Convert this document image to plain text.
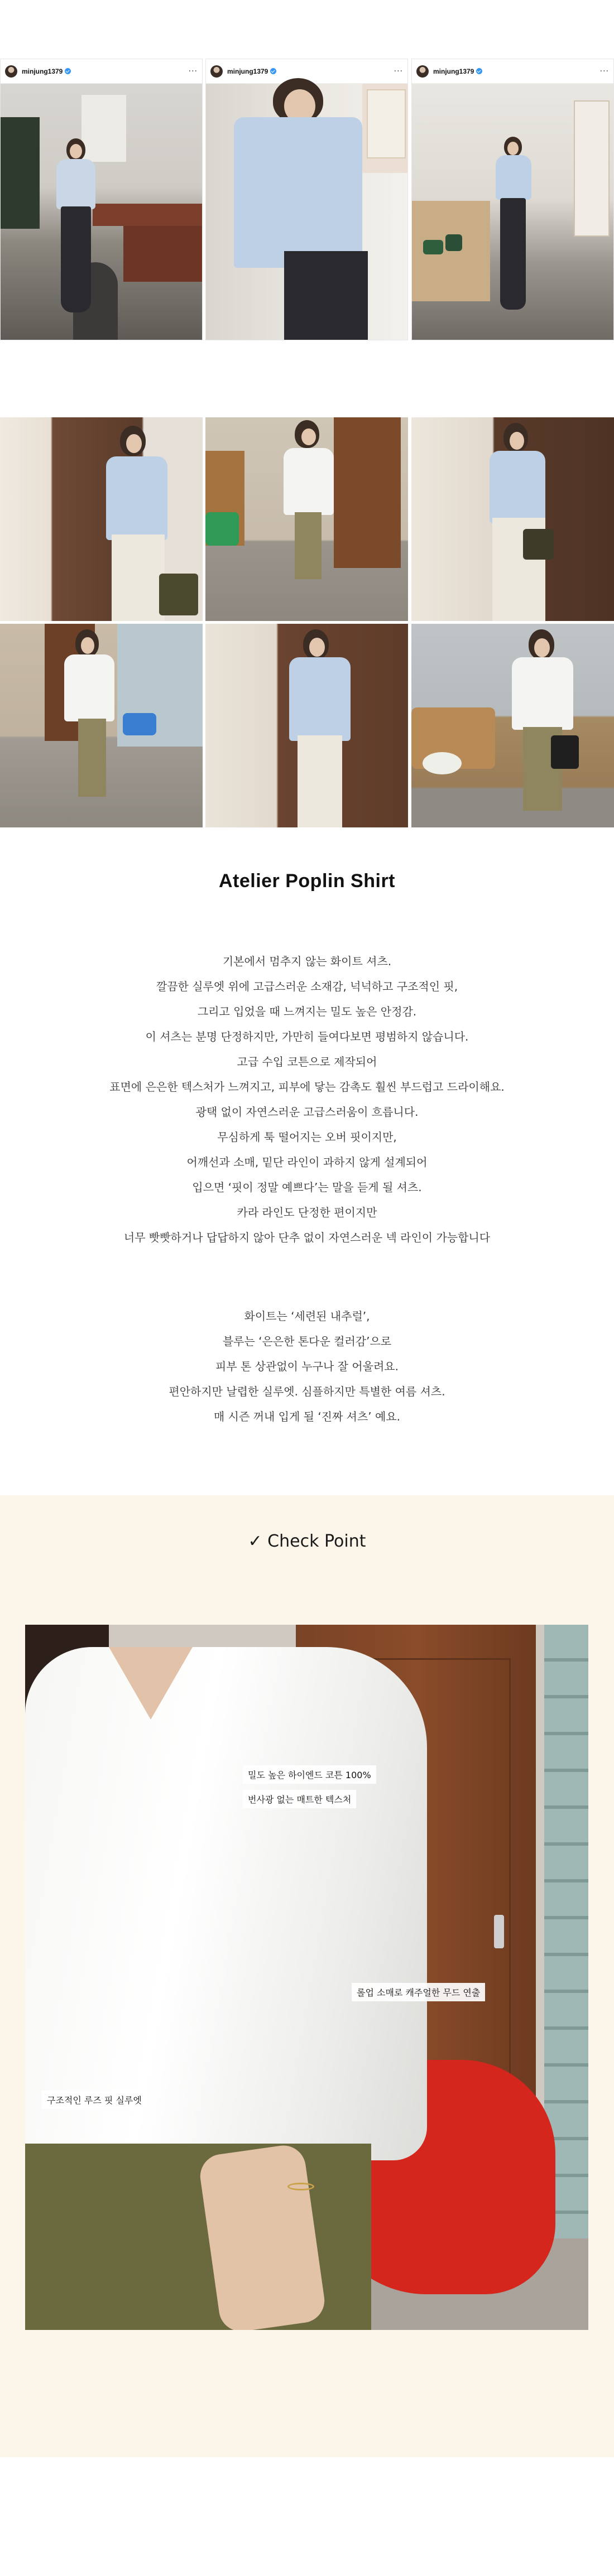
minjung1379	···	minjung1379	···	minjung1379	···
Atelier Poplin Shirt
기본에서 멈추지 않는 화이트 셔츠.
깔끔한 실루엣 위에 고급스러운 소재감, 넉넉하고 구조적인 핏,
그리고 입었을 때 느껴지는 밀도 높은 안정감.
이 셔츠는 분명 단정하지만, 가만히 들여다보면 평범하지 않습니다.
고급 수입 코튼으로 제작되어
표면에 은은한 텍스처가 느껴지고, 피부에 닿는 감촉도 훨씬 부드럽고 드라이해요.
광택 없이 자연스러운 고급스러움이 흐릅니다.
무심하게 툭 떨어지는 오버 핏이지만,
어깨선과 소매, 밑단 라인이 과하지 않게 설계되어
입으면 ‘핏이 정말 예쁘다’는 말을 듣게 될 셔츠.
카라 라인도 단정한 편이지만
너무 빳빳하거나 답답하지 않아 단추 없이 자연스러운 넥 라인이 가능합니다
화이트는 ‘세련된 내추럴’,
블루는 ‘은은한 톤다운 컬러감’으로
피부 톤 상관없이 누구나 잘 어울려요.
편안하지만 날렵한 실루엣. 심플하지만 특별한 여름 셔츠.
매 시즌 꺼내 입게 될 ‘진짜 셔츠’ 예요.
✓ Check Point
밀도 높은 하이엔드 코튼 100%
번사광 없는 매트한 텍스처
롤업 소매로 캐주얼한 무드 연출
구조적인 루즈 핏 실루엣
